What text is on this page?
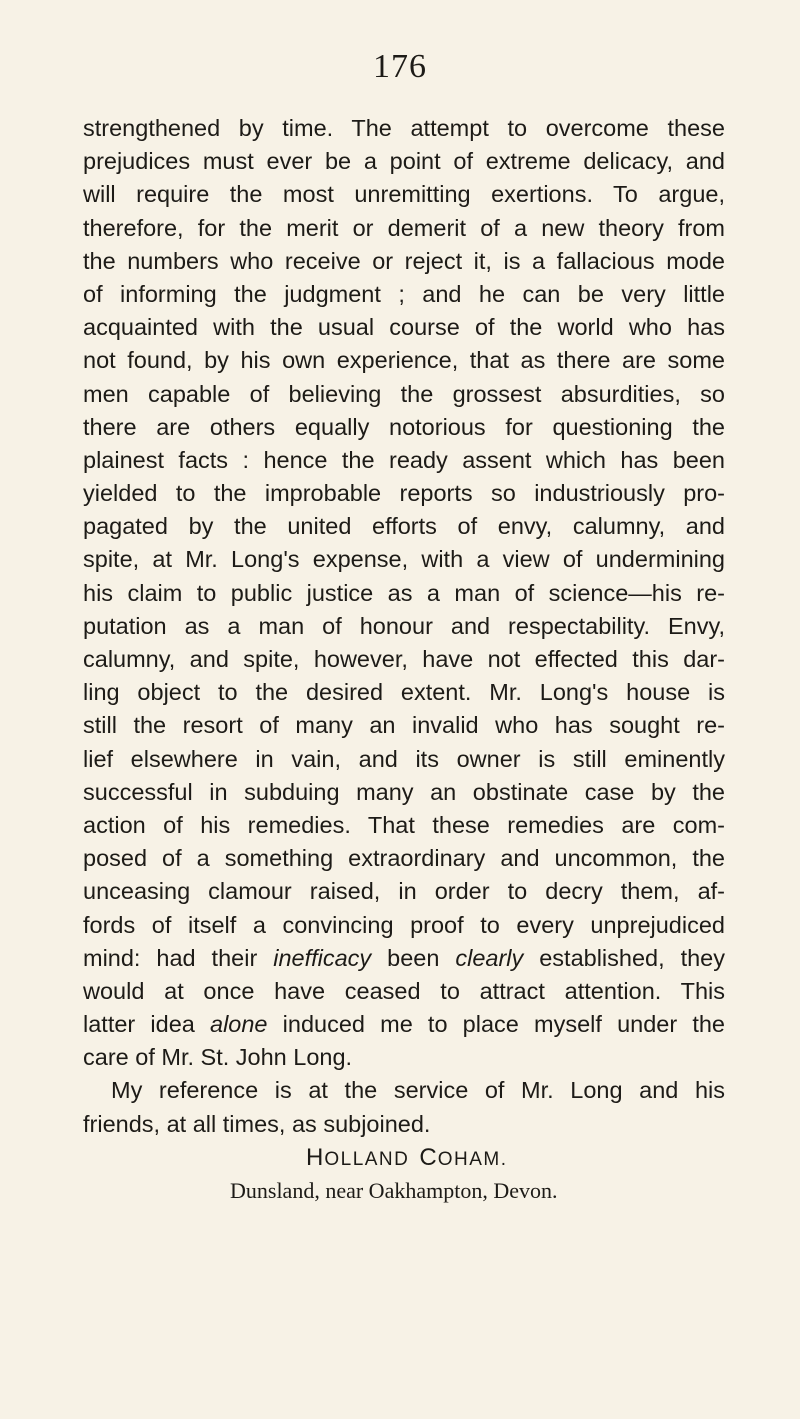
176
strengthened by time. The attempt to overcome these
prejudices must ever be a point of extreme delicacy, and
will require the most unremitting exertions. To argue,
therefore, for the merit or demerit of a new theory from
the numbers who receive or reject it, is a fallacious mode
of informing the judgment ; and he can be very little
acquainted with the usual course of the world who has
not found, by his own experience, that as there are some
men capable of believing the grossest absurdities, so
there are others equally notorious for questioning the
plainest facts : hence the ready assent which has been
yielded to the improbable reports so industriously pro-
pagated by the united efforts of envy, calumny, and
spite, at Mr. Long's expense, with a view of undermining
his claim to public justice as a man of science—his re-
putation as a man of honour and respectability. Envy,
calumny, and spite, however, have not effected this dar-
ling object to the desired extent. Mr. Long's house is
still the resort of many an invalid who has sought re-
lief elsewhere in vain, and its owner is still eminently
successful in subduing many an obstinate case by the
action of his remedies. That these remedies are com-
posed of a something extraordinary and uncommon, the
unceasing clamour raised, in order to decry them, af-
fords of itself a convincing proof to every unprejudiced
mind: had their inefficacy been clearly established, they
would at once have ceased to attract attention. This
latter idea alone induced me to place myself under the
care of Mr. St. John Long.
My reference is at the service of Mr. Long and his
friends, at all times, as subjoined.
HOLLAND COHAM.
Dunsland, near Oakhampton, Devon.
